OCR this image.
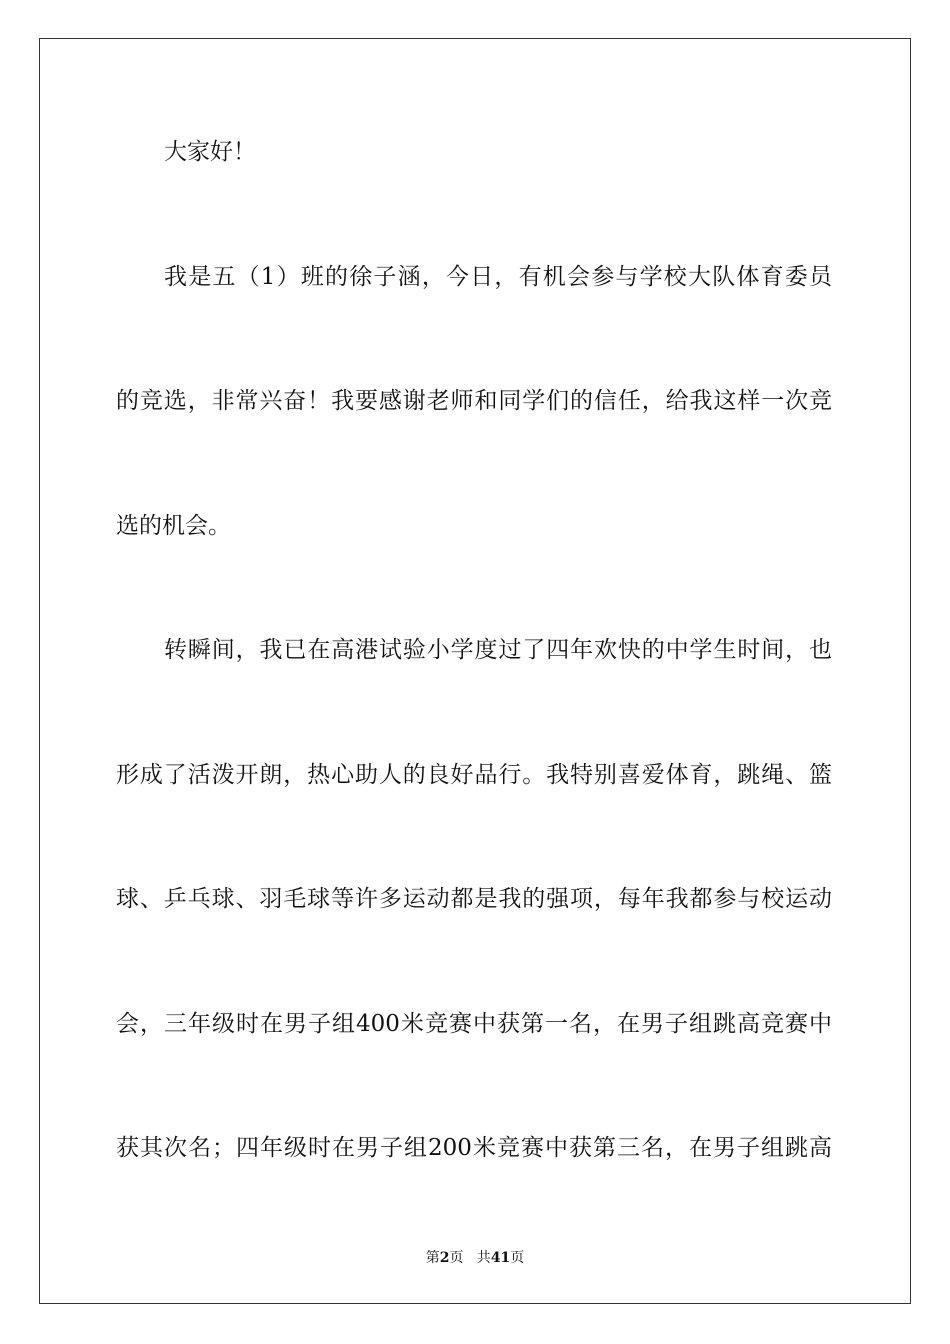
大家好！

我是五（1）班的徐子涵，今日，有机会参与学校大队体育委员

的竞选，非常兴奋！我要感谢老师和同学们的信任，给我这样一次竞

选的机会。

转瞬间，我已在高港试验小学度过了四年欢快的中学生时间，也

形成了活泼开朗，热心助人的良好品行。我特别喜爱体育，跳绳、篮

球、乒乓球、羽毛球等许多运动都是我的强项，每年我都参与校运动

会，三年级时在男子组400米竞赛中获第一名，在男子组跳高竞赛中

获其次名；四年级时在男子组200米竞赛中获第三名，在男子组跳高

第2页   共41页
